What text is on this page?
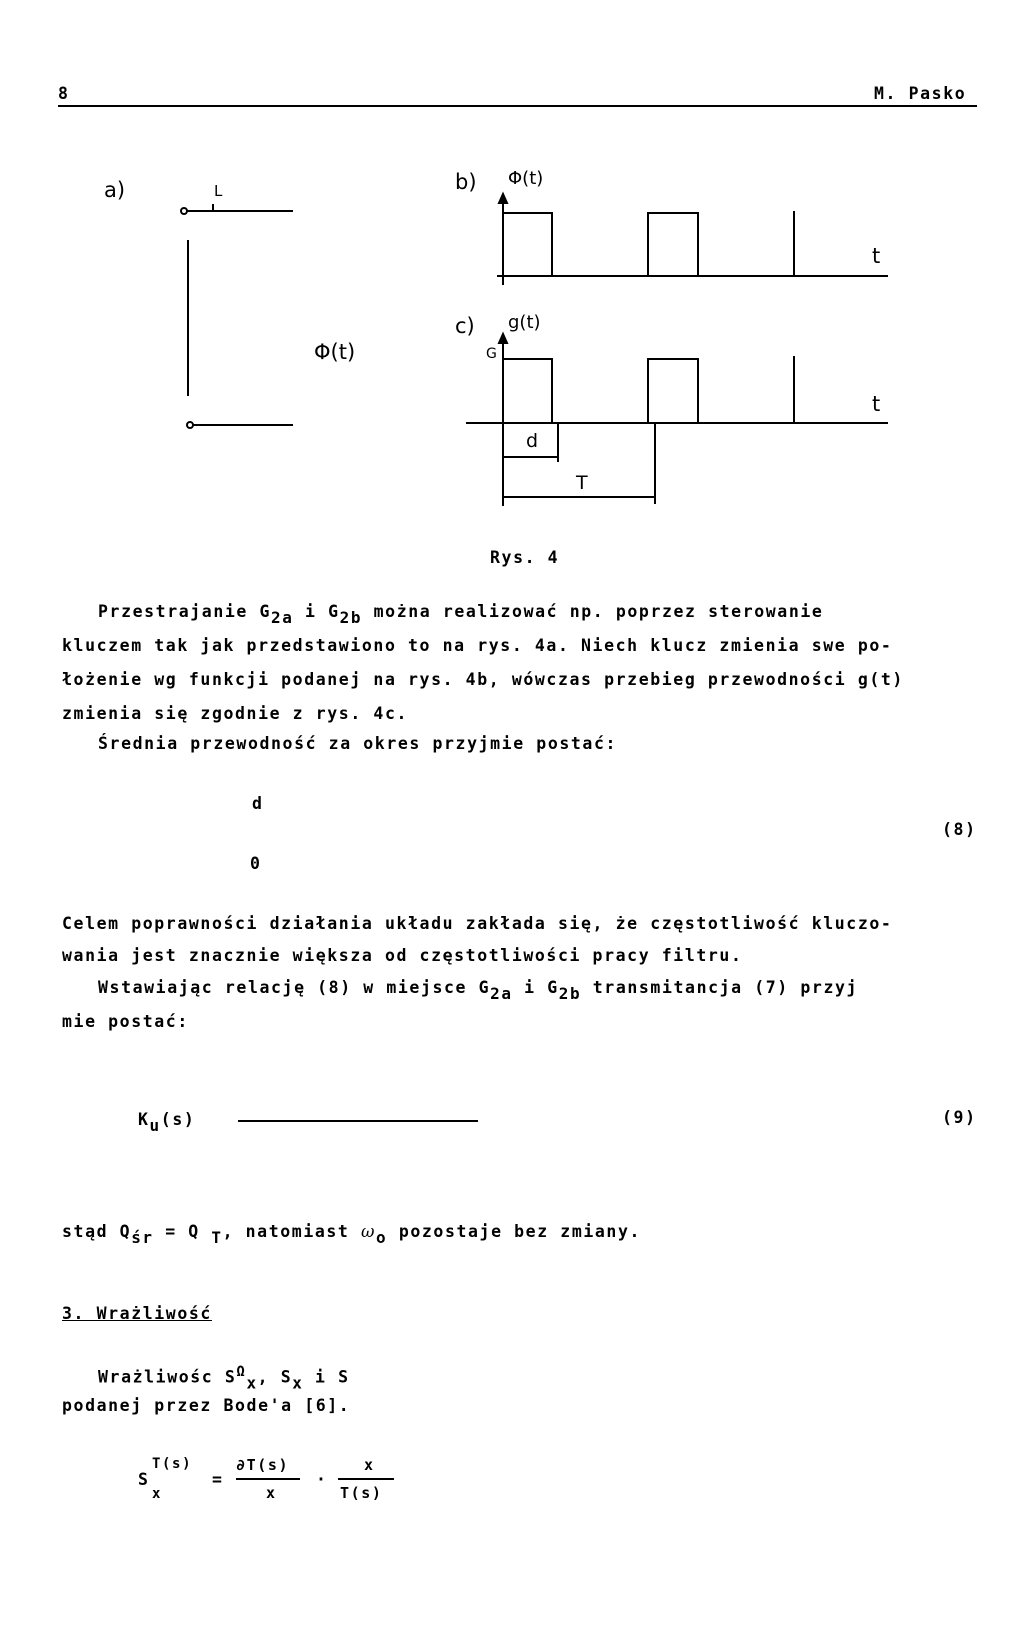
8	M. Pasko
a)	L	b) Φ(t)
t
Φ(t)
c) g(t)
G
t
d
T
Rys. 4
Przestrajanie $G_{2a}$ i $G_{2b}$ można realizować np. poprzez sterowanie
kluczem tak jak przedstawiono to na rys. 4a. Niech klucz zmienia swe po-
łożenie wg funkcji podanej na rys. 4b, wówczas przebieg przewodności g(t)
zmienia się zgodnie z rys. 4c.
Średnia przewodność za okres przyjmie postać:
d
0
(8)
Celem poprawności działania układu zakłada się, że częstotliwość kluczo-
wania jest znacznie większa od częstotliwości pracy filtru.
Wstawiając relację (8) w miejsce $G_{2a}$ i $G_{2b}$ transmitancja (7) przyj
mie postać:
$K_u(s)$	(9)
stąd $Q_{śr} = Q$ $_T$, natomiast $\omega_o$ pozostaje bez zmiany.
3. Wrażliwość
Wrażliwośc $S^\Omega_x$, $S_x$ i S
podanej przez Bode'a [6].
S
T(s)
x
=
∂T(s)
x
·
x
T(s)
